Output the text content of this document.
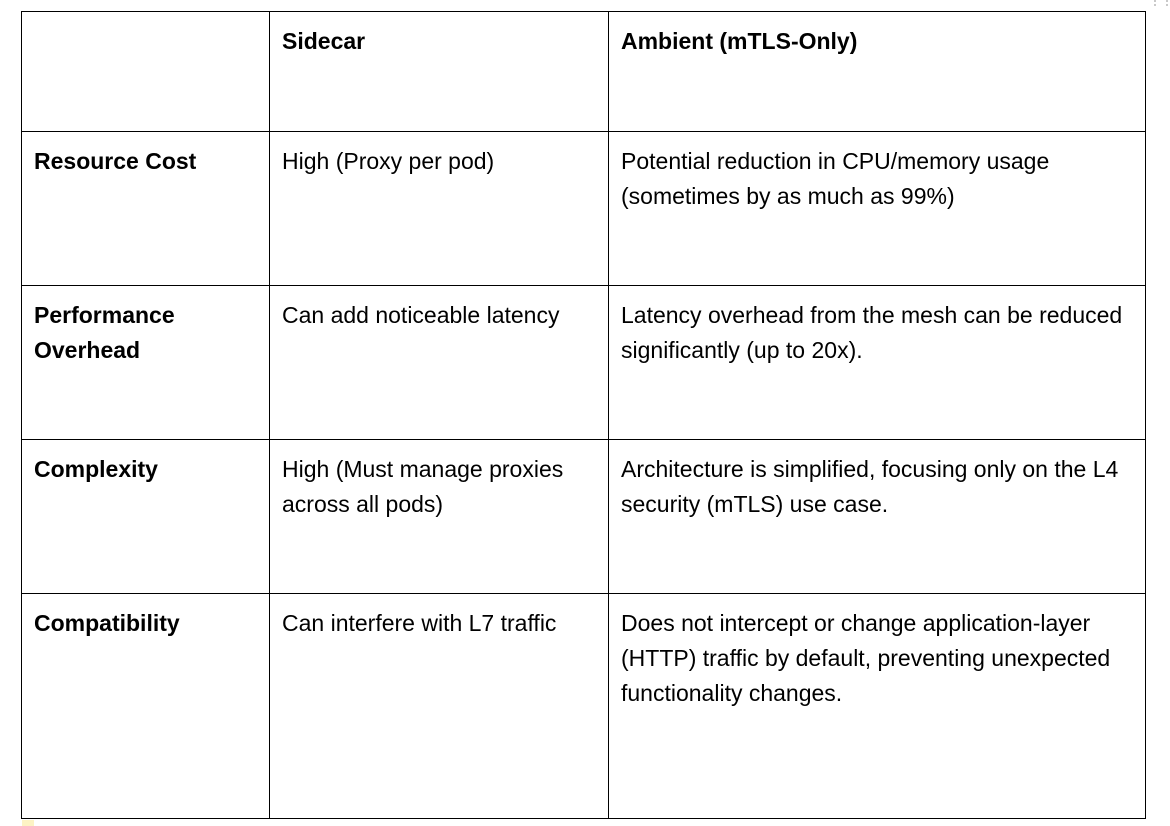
	Sidecar	Ambient (mTLS-Only)
Resource Cost	High (Proxy per pod)	Potential reduction in CPU/memory usage (sometimes by as much as 99%)
Performance Overhead	Can add noticeable latency	Latency overhead from the mesh can be reduced significantly (up to 20x).
Complexity	High (Must manage proxies across all pods)	Architecture is simplified, focusing only on the L4 security (mTLS) use case.
Compatibility	Can interfere with L7 traffic	Does not intercept or change application-layer (HTTP) traffic by default, preventing unexpected functionality changes.
